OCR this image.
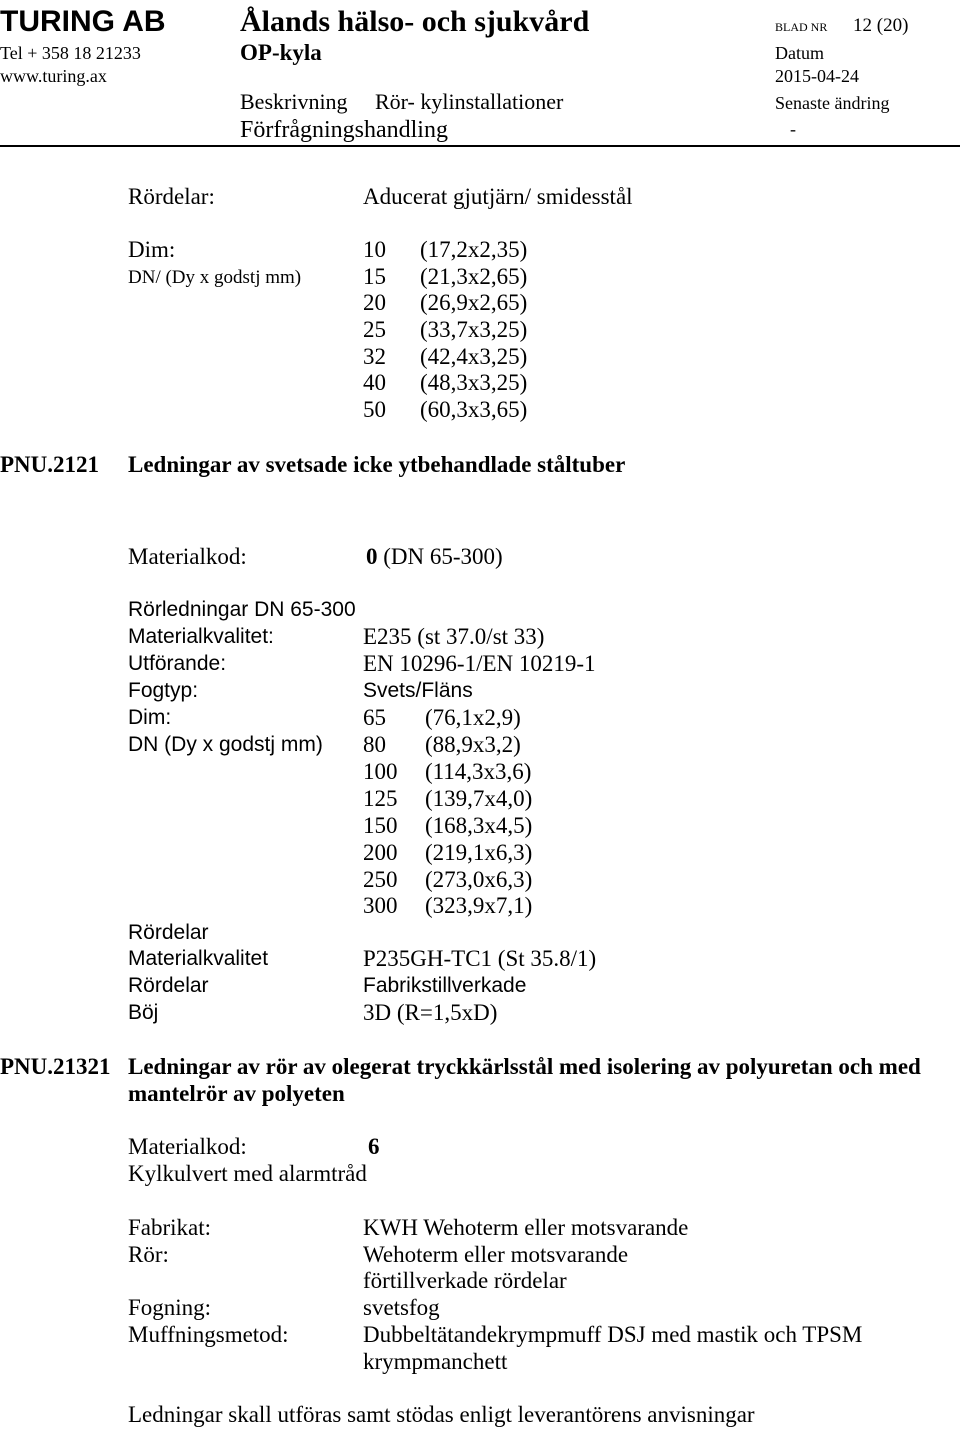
TURING AB Ålands hälso- och sjukvård	BLAD NR 12 (20)
Tel + 358 18 21233	OP-kyla	Datum
www.turing.ax	2015-04-24
Beskrivning Rör- kylinstallationer	Senaste ändring
Förfrågningshandling	-
Rördelar:	Aducerat gjutjärn/ smidesstål
Dim:
DN/ (Dy x godstj mm)
10 (17,2x2,35)
15 (21,3x2,65)
20 (26,9x2,65)
25 (33,7x3,25)
32 (42,4x3,25)
40 (48,3x3,25)
50 (60,3x3,65)
PNU.2121 Ledningar av svetsade icke ytbehandlade ståltuber
Materialkod:	0 (DN 65-300)
Rörledningar DN 65-300
Materialkvalitet:	E235 (st 37.0/st 33)
Utförande:	EN 10296-1/EN 10219-1
Fogtyp:	Svets/Fläns
Dim:
DN (Dy x godstj mm)
65 (76,1x2,9)
80 (88,9x3,2)
100 (114,3x3,6)
125 (139,7x4,0)
150 (168,3x4,5)
200 (219,1x6,3)
250 (273,0x6,3)
300 (323,9x7,1)
Rördelar
Materialkvalitet	P235GH-TC1 (St 35.8/1)
Rördelar	Fabrikstillverkade
Böj	3D (R=1,5xD)
PNU.21321 Ledningar av rör av olegerat tryckkärlsstål med isolering av polyuretan och med mantelrör av polyeten
Materialkod:	6
Kylkulvert med alarmtråd
Fabrikat:	KWH Wehoterm eller motsvarande
Rör:	Wehoterm eller motsvarande
förtillverkade rördelar
Fogning:	svetsfog
Muffningsmetod:	Dubbeltätandekrympmuff DSJ med mastik och TPSM krympmanchett
Ledningar skall utföras samt stödas enligt leverantörens anvisningar
